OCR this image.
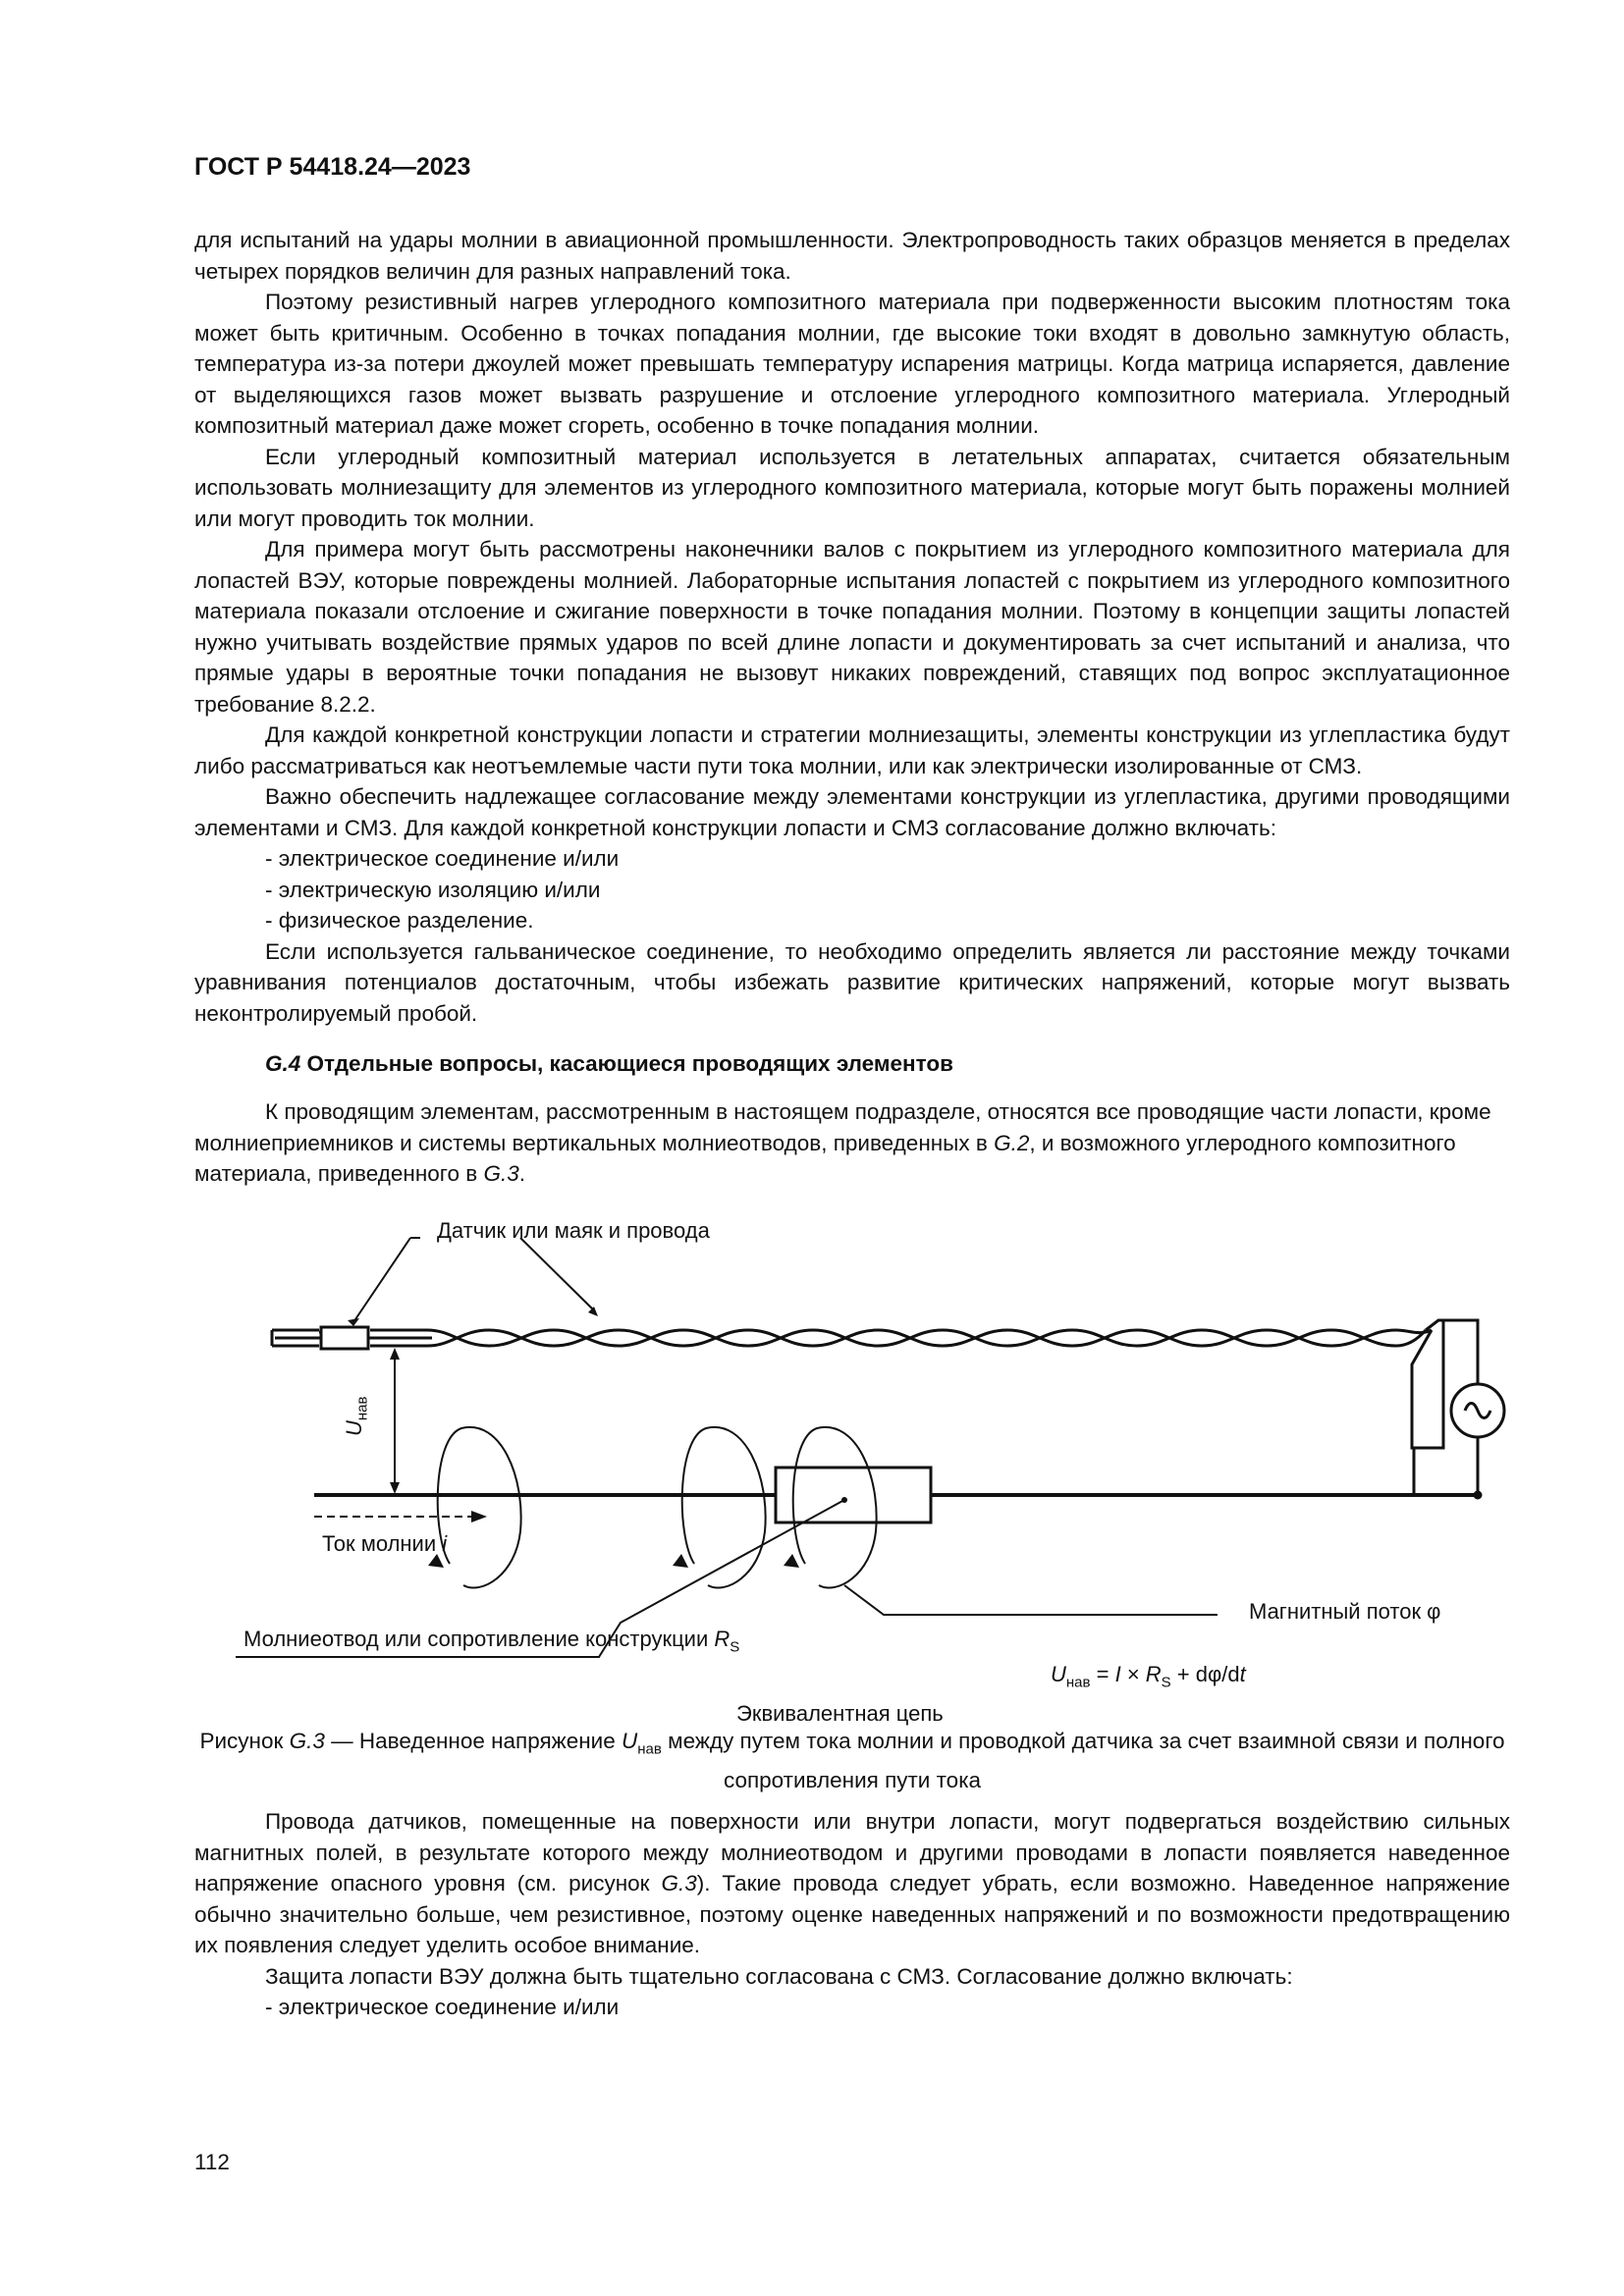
ГОСТ Р 54418.24—2023

для испытаний на удары молнии в авиационной промышленности. Электропроводность таких образцов меняется в пределах четырех порядков величин для разных направлений тока.

Поэтому резистивный нагрев углеродного композитного материала при подверженности высоким плотностям тока может быть критичным. Особенно в точках попадания молнии, где высокие токи входят в довольно замкнутую область, температура из-за потери джоулей может превышать температуру испарения матрицы. Когда матрица испаряется, давление от выделяющихся газов может вызвать разрушение и отслоение углеродного композитного материала. Углеродный композитный материал даже может сгореть, особенно в точке попадания молнии.

Если углеродный композитный материал используется в летательных аппаратах, считается обязательным использовать молниезащиту для элементов из углеродного композитного материала, которые могут быть поражены молнией или могут проводить ток молнии.

Для примера могут быть рассмотрены наконечники валов с покрытием из углеродного композитного материала для лопастей ВЭУ, которые повреждены молнией. Лабораторные испытания лопастей с покрытием из углеродного композитного материала показали отслоение и сжигание поверхности в точке попадания молнии. Поэтому в концепции защиты лопастей нужно учитывать воздействие прямых ударов по всей длине лопасти и документировать за счет испытаний и анализа, что прямые удары в вероятные точки попадания не вызовут никаких повреждений, ставящих под вопрос эксплуатационное требование 8.2.2.

Для каждой конкретной конструкции лопасти и стратегии молниезащиты, элементы конструкции из углепластика будут либо рассматриваться как неотъемлемые части пути тока молнии, или как электрически изолированные от СМЗ.

Важно обеспечить надлежащее согласование между элементами конструкции из углепластика, другими проводящими элементами и СМЗ. Для каждой конкретной конструкции лопасти и СМЗ согласование должно включать:

- электрическое соединение и/или

- электрическую изоляцию и/или

- физическое разделение.

Если используется гальваническое соединение, то необходимо определить является ли расстояние между точками уравнивания потенциалов достаточным, чтобы избежать развитие критических напряжений, которые могут вызвать неконтролируемый пробой.

G.4 Отдельные вопросы, касающиеся проводящих элементов

К проводящим элементам, рассмотренным в настоящем подразделе, относятся все проводящие части лопасти, кроме молниеприемников и системы вертикальных молниеотводов, приведенных в G.2, и возможного углеродного композитного материала, приведенного в G.3.

Датчик или маяк и провода
Ток молнии i
$U_{нав}$
Молниеотвод или сопротивление конструкции $R_S$
Магнитный поток φ
$U_{нав} = I \times R_S + d\varphi/dt$
Эквивалентная цепь
Рисунок G.3 — Наведенное напряжение $U_{нав}$ между путем тока молнии и проводкой датчика за счет взаимной связи и полного сопротивления пути тока

Провода датчиков, помещенные на поверхности или внутри лопасти, могут подвергаться воздействию сильных магнитных полей, в результате которого между молниеотводом и другими проводами в лопасти появляется наведенное напряжение опасного уровня (см. рисунок G.3). Такие провода следует убрать, если возможно. Наведенное напряжение обычно значительно больше, чем резистивное, поэтому оценке наведенных напряжений и по возможности предотвращению их появления следует уделить особое внимание.

Защита лопасти ВЭУ должна быть тщательно согласована с СМЗ. Согласование должно включать:

- электрическое соединение и/или

112
